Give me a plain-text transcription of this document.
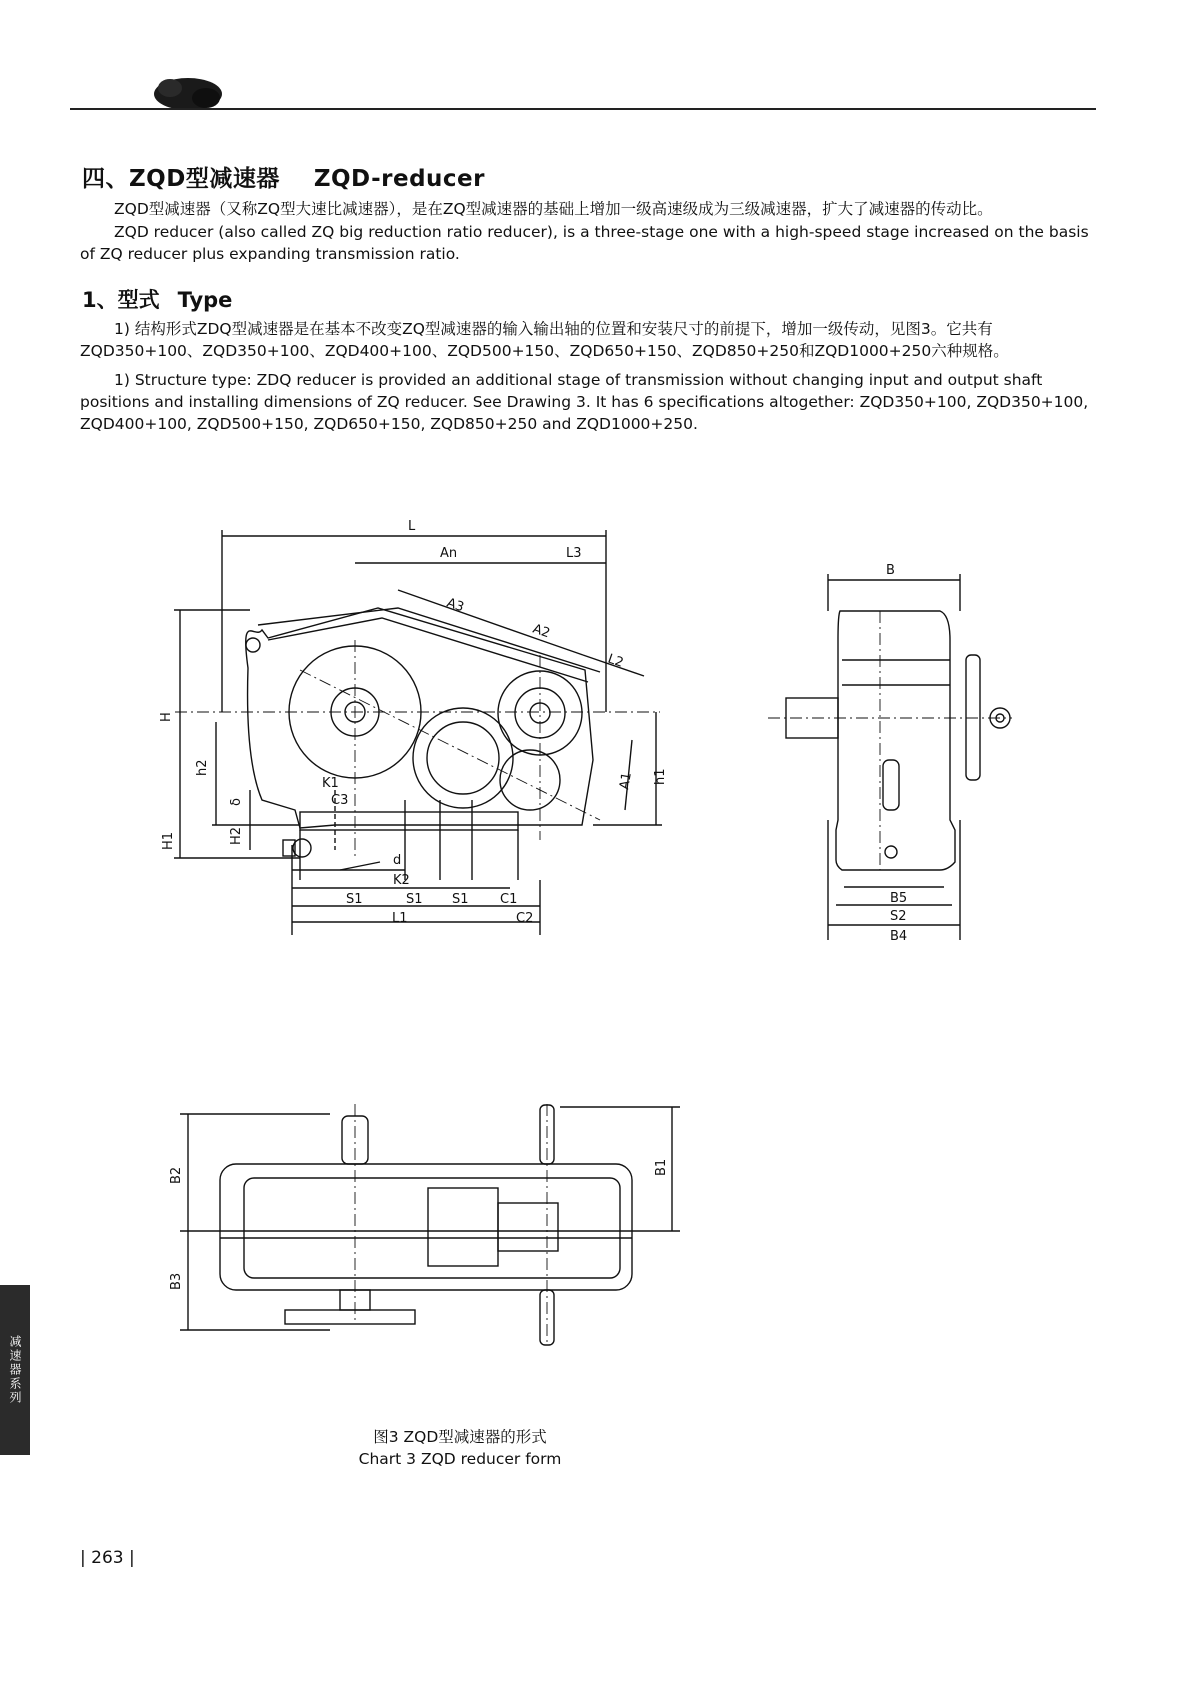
四、ZQD型减速器 ZQD-reducer

ZQD型减速器（又称ZQ型大速比减速器），是在ZQ型减速器的基础上增加一级高速级成为三级减速器，扩大了减速器的传动比。

ZQD reducer (also called ZQ big reduction ratio reducer), is a three-stage one with a high-speed stage increased on the basis of ZQ reducer plus expanding transmission ratio.

1、型式 Type

1) 结构形式ZDQ型减速器是在基本不改变ZQ型减速器的输入输出轴的位置和安装尺寸的前提下，增加一级传动，见图3。它共有ZQD350+100、ZQD350+100、ZQD400+100、ZQD500+150、ZQD650+150、ZQD850+250和ZQD1000+250六种规格。

1) Structure type: ZDQ reducer is provided an additional stage of transmission without changing input and output shaft positions and installing dimensions of ZQ reducer. See Drawing 3. It has 6 specifications altogether: ZQD350+100, ZQD350+100, ZQD400+100, ZQD500+150, ZQD650+150, ZQD850+250 and ZQD1000+250.

L
An	L3
A3
A2
L2
H
h2
h1
A1
δ
H1	H2
K1
C3
d
K2
S1	S1 S1 C1
L1	C2
B
B5
S2
B4
B2
B3
B1
图3 ZQD型减速器的形式
Chart 3 ZQD reducer form
减速器系列
| 263 |
